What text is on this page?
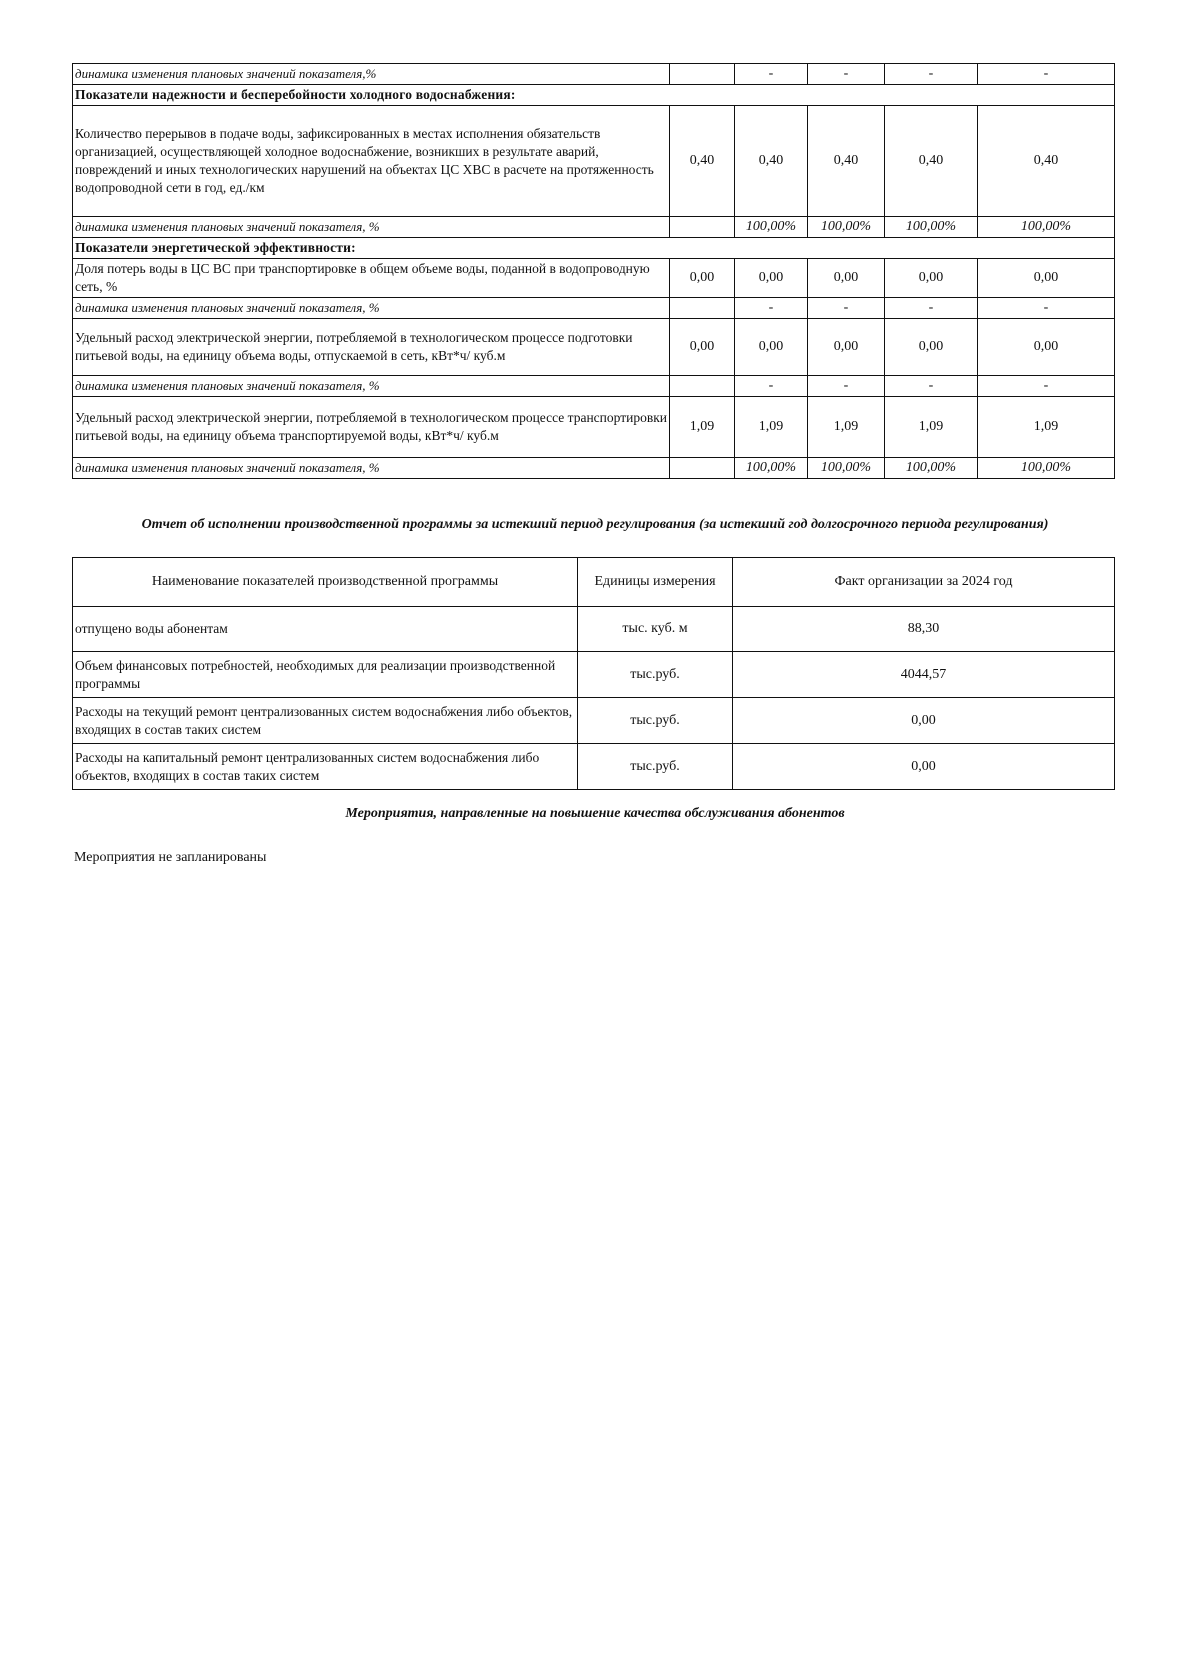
динамика изменения плановых значений показателя,%		-	-	-	-
Показатели надежности и бесперебойности холодного водоснабжения:					
Количество перерывов в подаче воды, зафиксированных в местах исполнения обязательств организацией, осуществляющей холодное водоснабжение, возникших в результате аварий, повреждений и иных технологических нарушений на объектах ЦС ХВС в расчете на протяженность водопроводной сети в год, ед./км	0,40	0,40	0,40	0,40	0,40
динамика изменения плановых значений показателя, %		100,00%	100,00%	100,00%	100,00%
Показатели энергетической эффективности:					
Доля потерь воды в ЦС ВС при транспортировке в общем объеме воды, поданной в водопроводную сеть, %	0,00	0,00	0,00	0,00	0,00
динамика изменения плановых значений показателя, %		-	-	-	-
Удельный расход электрической энергии, потребляемой в технологическом процессе подготовки питьевой воды, на единицу объема воды, отпускаемой в сеть, кВт*ч/ куб.м	0,00	0,00	0,00	0,00	0,00
динамика изменения плановых значений показателя, %		-	-	-	-
Удельный расход электрической энергии, потребляемой в технологическом процессе транспортировки питьевой воды, на единицу объема транспортируемой воды, кВт*ч/ куб.м	1,09	1,09	1,09	1,09	1,09
динамика изменения плановых значений показателя, %		100,00%	100,00%	100,00%	100,00%
Отчет об исполнении производственной программы за истекший период регулирования (за истекший год долгосрочного периода регулирования)
Наименование показателей производственной программы	Единицы измерения	Факт организации за 2024 год
отпущено воды абонентам	тыс. куб. м	88,30
Объем финансовых потребностей, необходимых для реализации производственной программы	тыс.руб.	4044,57
Расходы на текущий ремонт централизованных систем водоснабжения либо объектов, входящих в состав таких систем	тыс.руб.	0,00
Расходы на капитальный ремонт централизованных систем водоснабжения либо объектов, входящих в состав таких систем	тыс.руб.	0,00
Мероприятия, направленные на повышение качества обслуживания абонентов
Мероприятия не запланированы
